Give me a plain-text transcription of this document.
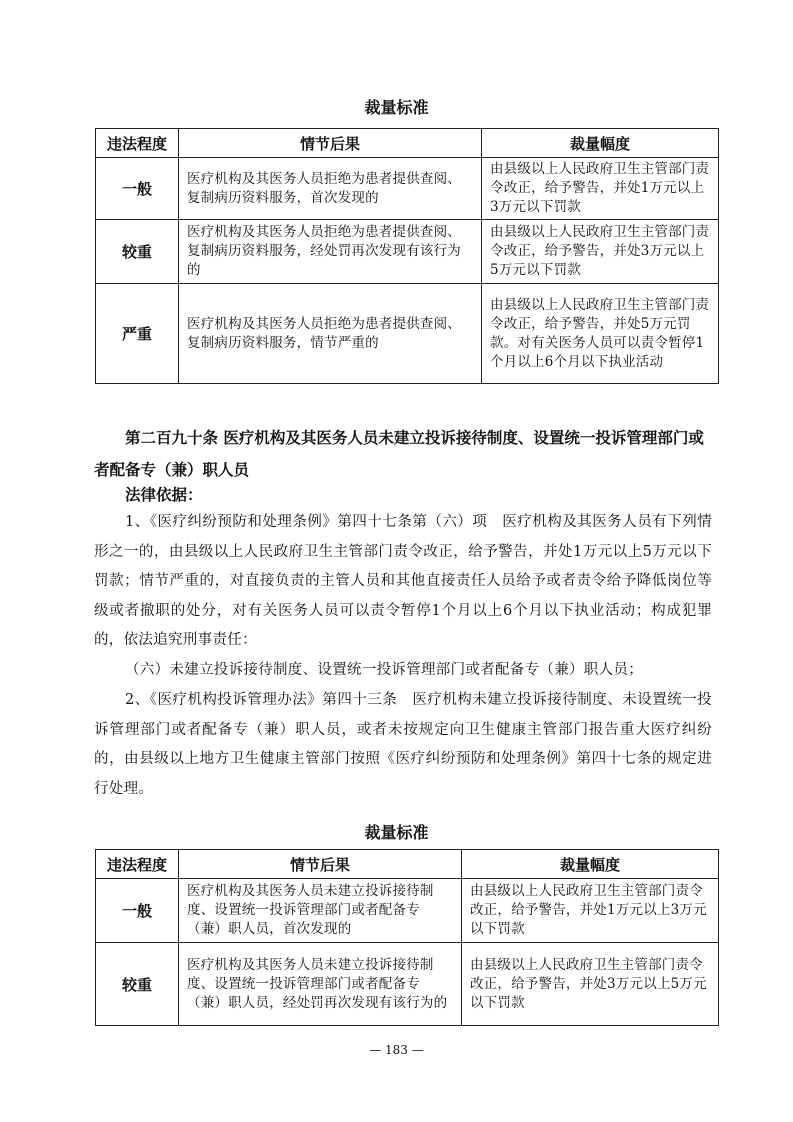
裁量标准
违法程度	情节后果	裁量幅度
一般	医疗机构及其医务人员拒绝为患者提供查阅、复制病历资料服务，首次发现的	由县级以上人民政府卫生主管部门责令改正，给予警告，并处1万元以上3万元以下罚款
较重	医疗机构及其医务人员拒绝为患者提供查阅、复制病历资料服务，经处罚再次发现有该行为的	由县级以上人民政府卫生主管部门责令改正，给予警告，并处3万元以上5万元以下罚款
严重	医疗机构及其医务人员拒绝为患者提供查阅、复制病历资料服务，情节严重的	由县级以上人民政府卫生主管部门责令改正，给予警告，并处5万元罚款。对有关医务人员可以责令暂停1个月以上6个月以下执业活动
第二百九十条 医疗机构及其医务人员未建立投诉接待制度、设置统一投诉管理部门或者配备专（兼）职人员
法律依据：
1、《医疗纠纷预防和处理条例》第四十七条第（六）项　医疗机构及其医务人员有下列情形之一的，由县级以上人民政府卫生主管部门责令改正，给予警告，并处1万元以上5万元以下罚款；情节严重的，对直接负责的主管人员和其他直接责任人员给予或者责令给予降低岗位等级或者撤职的处分，对有关医务人员可以责令暂停1个月以上6个月以下执业活动；构成犯罪的，依法追究刑事责任：
（六）未建立投诉接待制度、设置统一投诉管理部门或者配备专（兼）职人员；
2、《医疗机构投诉管理办法》第四十三条　医疗机构未建立投诉接待制度、未设置统一投诉管理部门或者配备专（兼）职人员，或者未按规定向卫生健康主管部门报告重大医疗纠纷的，由县级以上地方卫生健康主管部门按照《医疗纠纷预防和处理条例》第四十七条的规定进行处理。
裁量标准
违法程度	情节后果	裁量幅度
一般	医疗机构及其医务人员未建立投诉接待制度、设置统一投诉管理部门或者配备专（兼）职人员，首次发现的	由县级以上人民政府卫生主管部门责令改正，给予警告，并处1万元以上3万元以下罚款
较重	医疗机构及其医务人员未建立投诉接待制度、设置统一投诉管理部门或者配备专（兼）职人员，经处罚再次发现有该行为的	由县级以上人民政府卫生主管部门责令改正，给予警告，并处3万元以上5万元以下罚款
— 183 —
